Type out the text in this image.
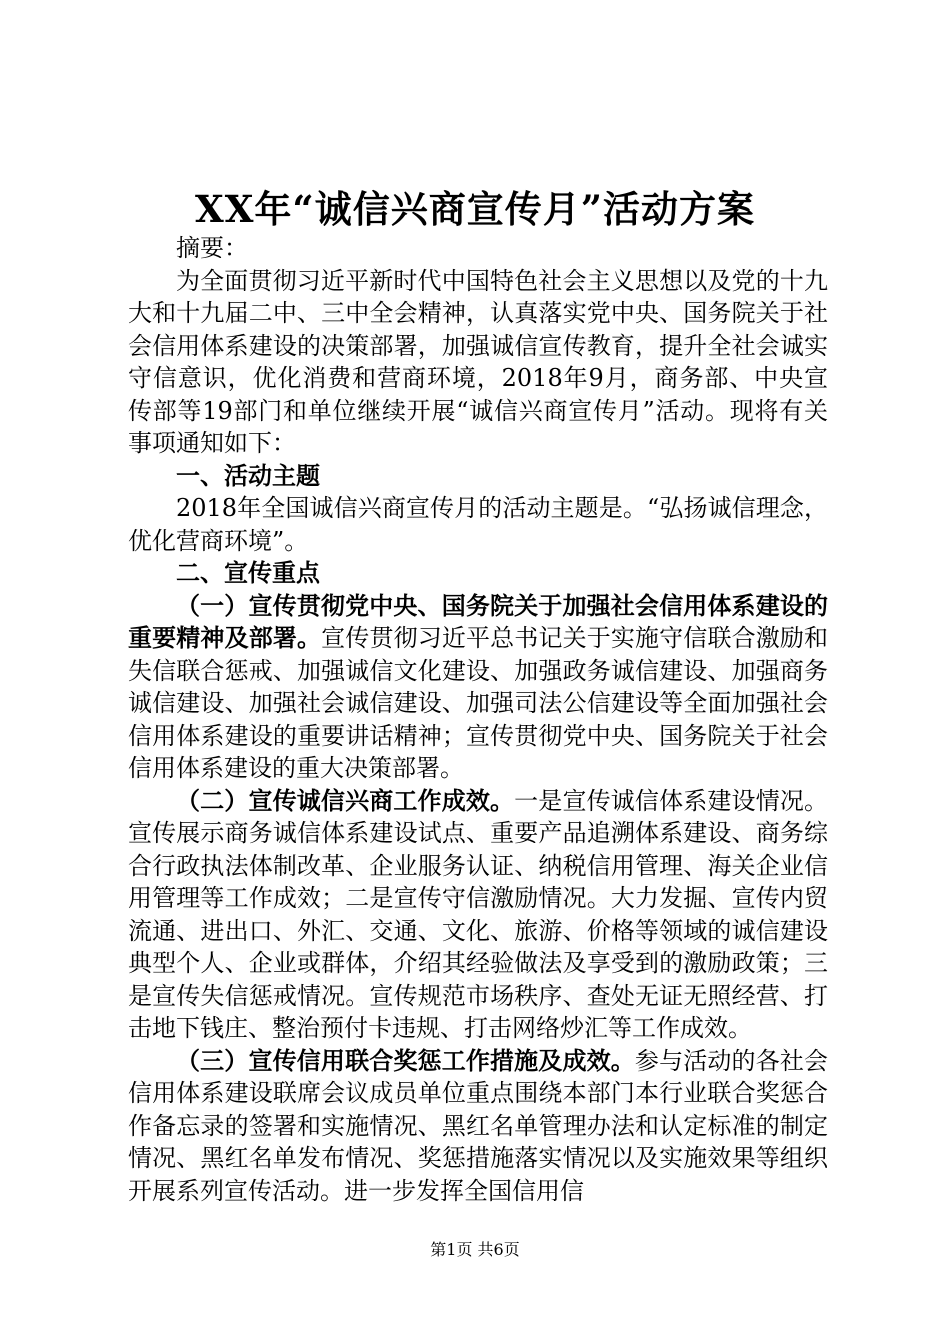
XX年“诚信兴商宣传月”活动方案

摘要：

为全面贯彻习近平新时代中国特色社会主义思想以及党的十九大和十九届二中、三中全会精神，认真落实党中央、国务院关于社会信用体系建设的决策部署，加强诚信宣传教育，提升全社会诚实守信意识，优化消费和营商环境，2018年9月，商务部、中央宣传部等19部门和单位继续开展“诚信兴商宣传月”活动。现将有关事项通知如下：

一、活动主题

2018年全国诚信兴商宣传月的活动主题是。“弘扬诚信理念，优化营商环境”。

二、宣传重点

（一）宣传贯彻党中央、国务院关于加强社会信用体系建设的重要精神及部署。宣传贯彻习近平总书记关于实施守信联合激励和失信联合惩戒、加强诚信文化建设、加强政务诚信建设、加强商务诚信建设、加强社会诚信建设、加强司法公信建设等全面加强社会信用体系建设的重要讲话精神；宣传贯彻党中央、国务院关于社会信用体系建设的重大决策部署。

（二）宣传诚信兴商工作成效。一是宣传诚信体系建设情况。宣传展示商务诚信体系建设试点、重要产品追溯体系建设、商务综合行政执法体制改革、企业服务认证、纳税信用管理、海关企业信用管理等工作成效；二是宣传守信激励情况。大力发掘、宣传内贸流通、进出口、外汇、交通、文化、旅游、价格等领域的诚信建设典型个人、企业或群体，介绍其经验做法及享受到的激励政策；三是宣传失信惩戒情况。宣传规范市场秩序、查处无证无照经营、打击地下钱庄、整治预付卡违规、打击网络炒汇等工作成效。

（三）宣传信用联合奖惩工作措施及成效。参与活动的各社会信用体系建设联席会议成员单位重点围绕本部门本行业联合奖惩合作备忘录的签署和实施情况、黑红名单管理办法和认定标准的制定情况、黑红名单发布情况、奖惩措施落实情况以及实施效果等组织开展系列宣传活动。进一步发挥全国信用信

第1页 共6页
